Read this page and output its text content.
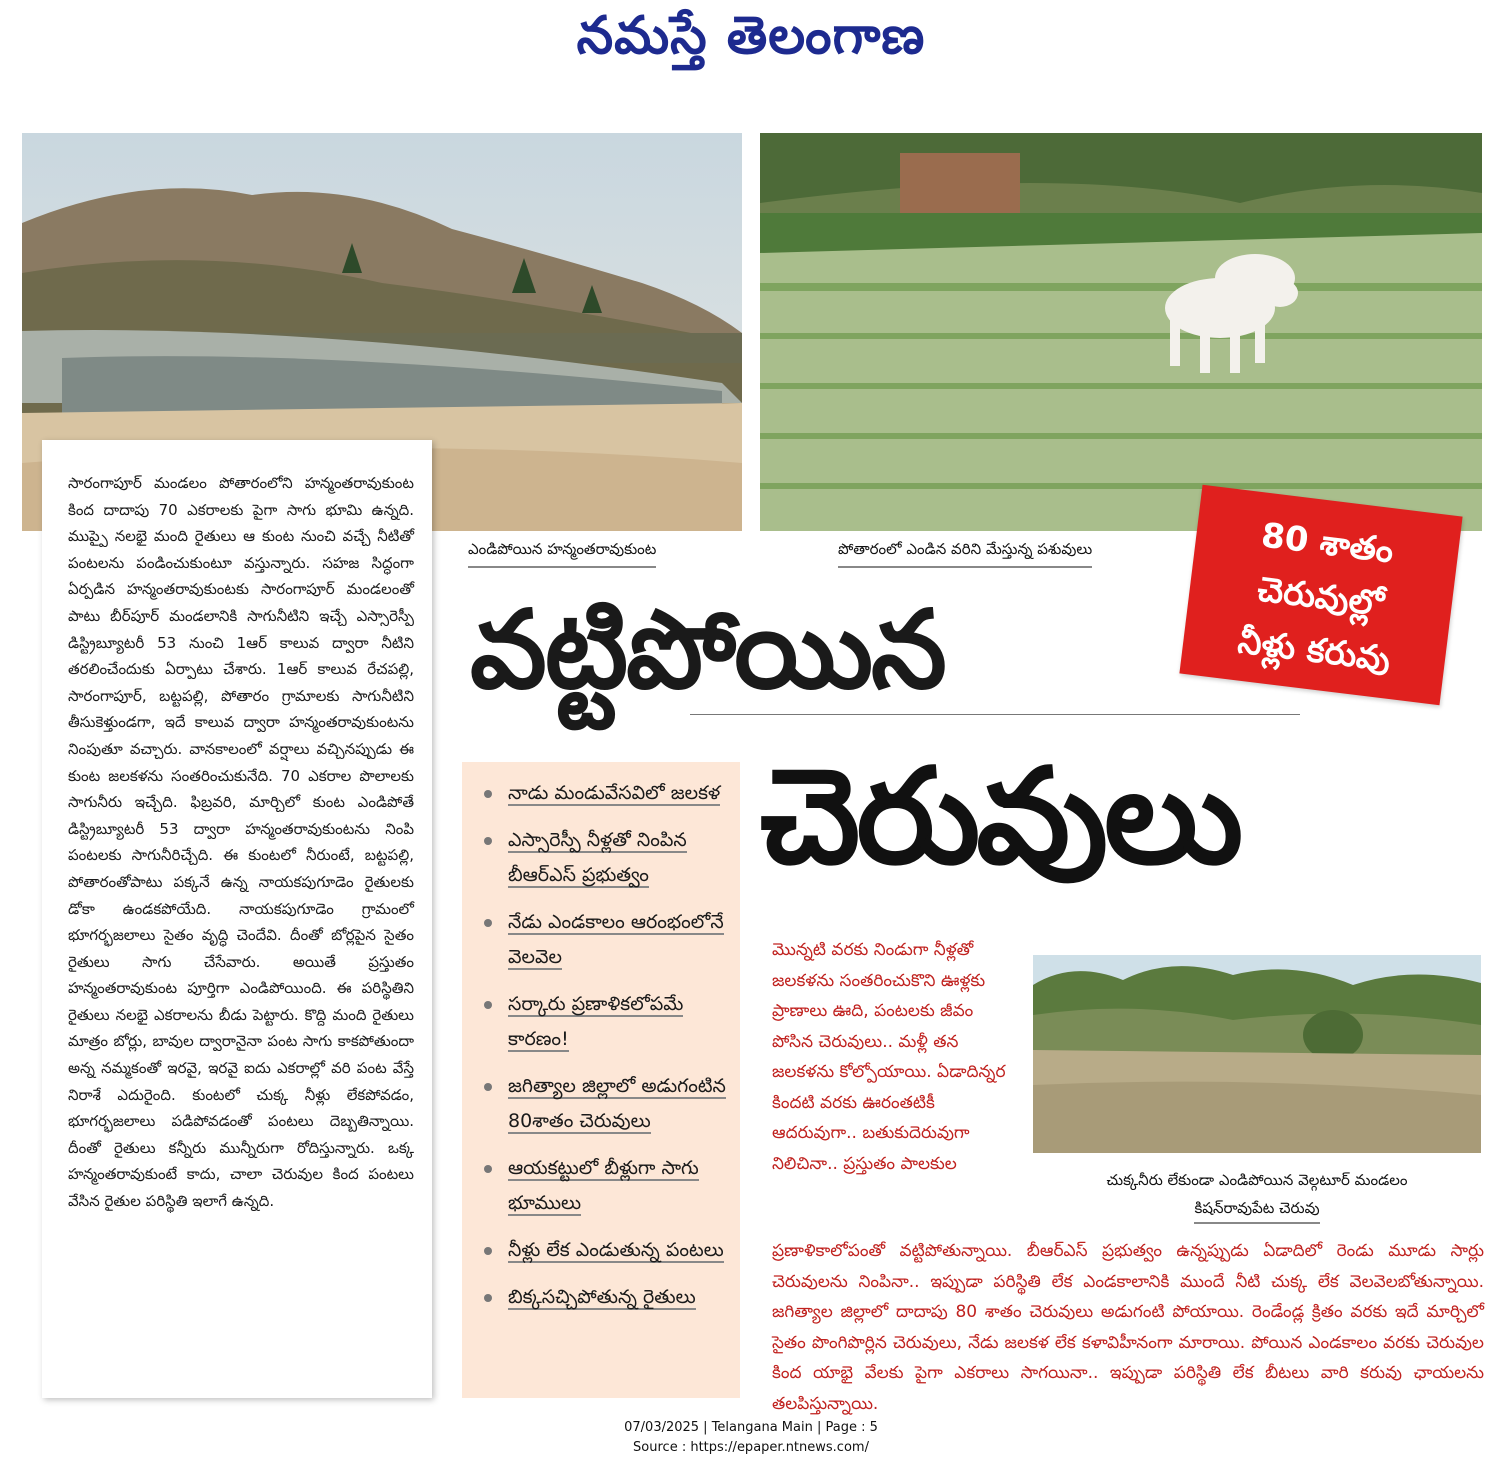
నమస్తే తెలంగాణ
ఎండిపోయిన హన్మంతరావుకుంట	పోతారంలో ఎండిన వరిని మేస్తున్న పశువులు	80 శాతం
చెరువుల్లో
నీళ్లు కరువు
వట్టిపోయిన
చెరువులు

సారంగాపూర్ మండలం పోతారంలోని హన్మంతరావుకుంట కింద దాదాపు 70 ఎకరాలకు పైగా సాగు భూమి ఉన్నది. ముప్పై నలభై మంది రైతులు ఆ కుంట నుంచి వచ్చే నీటితో పంటలను పండించుకుంటూ వస్తున్నారు. సహజ సిద్ధంగా ఏర్పడిన హన్మంతరావుకుంటకు సారంగాపూర్ మండలంతో పాటు బీర్‌పూర్ మండలానికి సాగునీటిని ఇచ్చే ఎస్సారెస్పీ డిస్ట్రిబ్యూటరీ 53 నుంచి 1ఆర్ కాలువ ద్వారా నీటిని తరలించేందుకు ఏర్పాటు చేశారు. 1ఆర్ కాలువ రేచపల్లి, సారంగాపూర్, బట్టపల్లి, పోతారం గ్రామాలకు సాగునీటిని తీసుకెళ్తుండగా, ఇదే కాలువ ద్వారా హన్మంతరావుకుంటను నింపుతూ వచ్చారు. వానకాలంలో వర్షాలు వచ్చినప్పుడు ఈ కుంట జలకళను సంతరించుకునేది. 70 ఎకరాల పొలాలకు సాగునీరు ఇచ్చేది. ఫిబ్రవరి, మార్చిలో కుంట ఎండిపోతే డిస్ట్రిబ్యూటరీ 53 ద్వారా హన్మంతరావుకుంటను నింపి పంటలకు సాగునీరిచ్చేది. ఈ కుంటలో నీరుంటే, బట్టపల్లి, పోతారంతోపాటు పక్కనే ఉన్న నాయకపుగూడెం రైతులకు డోకా ఉండకపోయేది. నాయకపుగూడెం గ్రామంలో భూగర్భజలాలు సైతం వృద్ధి చెందేవి. దీంతో బోర్లపైన సైతం రైతులు సాగు చేసేవారు. అయితే ప్రస్తుతం హన్మంతరావుకుంట పూర్తిగా ఎండిపోయింది. ఈ పరిస్థితిని రైతులు నలభై ఎకరాలను బీడు పెట్టారు. కొద్ది మంది రైతులు మాత్రం బోర్లు, బావుల ద్వారానైనా పంట సాగు కాకపోతుందా అన్న నమ్మకంతో ఇరవై, ఇరవై ఐదు ఎకరాల్లో వరి పంట వేస్తే నిరాశే ఎదురైంది. కుంటలో చుక్క నీళ్లు లేకపోవడం, భూగర్భజలాలు పడిపోవడంతో పంటలు దెబ్బతిన్నాయి. దీంతో రైతులు కన్నీరు మున్నీరుగా రోదిస్తున్నారు. ఒక్క హన్మంతరావుకుంటే కాదు, చాలా చెరువుల కింద పంటలు వేసిన రైతుల పరిస్థితి ఇలాగే ఉన్నది.

నాడు మండువేసవిలో జలకళ
ఎస్సారెస్పీ నీళ్లతో నింపిన బీఆర్ఎస్ ప్రభుత్వం
నేడు ఎండకాలం ఆరంభంలోనే వెలవెల
సర్కారు ప్రణాళికలోపమే కారణం!
జగిత్యాల జిల్లాలో అడుగంటిన 80శాతం చెరువులు
ఆయకట్టులో బీళ్లుగా సాగు భూములు
నీళ్లు లేక ఎండుతున్న పంటలు
బిక్కసచ్చిపోతున్న రైతులు
మొన్నటి వరకు నిండుగా నీళ్లతో జలకళను సంతరించుకొని ఊళ్లకు ప్రాణాలు ఊది, పంటలకు జీవం పోసిన చెరువులు.. మళ్లీ తన జలకళను కోల్పోయాయి. ఏడాదిన్నర కిందటి వరకు ఊరంతటికీ ఆదరువుగా.. బతుకుదెరువుగా నిలిచినా.. ప్రస్తుతం పాలకుల
చుక్కనీరు లేకుండా ఎండిపోయిన వెల్గటూర్ మండలం
కిషన్‌రావుపేట చెరువు
ప్రణాళికాలోపంతో వట్టిపోతున్నాయి. బీఆర్ఎస్ ప్రభుత్వం ఉన్నప్పుడు ఏడాదిలో రెండు మూడు సార్లు చెరువులను నింపినా.. ఇప్పుడా పరిస్థితి లేక ఎండకాలానికి ముందే నీటి చుక్క లేక వెలవెలబోతున్నాయి. జగిత్యాల జిల్లాలో దాదాపు 80 శాతం చెరువులు అడుగంటి పోయాయి. రెండేండ్ల క్రితం వరకు ఇదే మార్చిలో సైతం పొంగిపొర్లిన చెరువులు, నేడు జలకళ లేక కళావిహీనంగా మారాయి. పోయిన ఎండకాలం వరకు చెరువుల కింద యాభై వేలకు పైగా ఎకరాలు సాగయినా.. ఇప్పుడా పరిస్థితి లేక బీటలు వారి కరువు ఛాయలను తలపిస్తున్నాయి.
07/03/2025 | Telangana Main | Page : 5
Source : https://epaper.ntnews.com/
